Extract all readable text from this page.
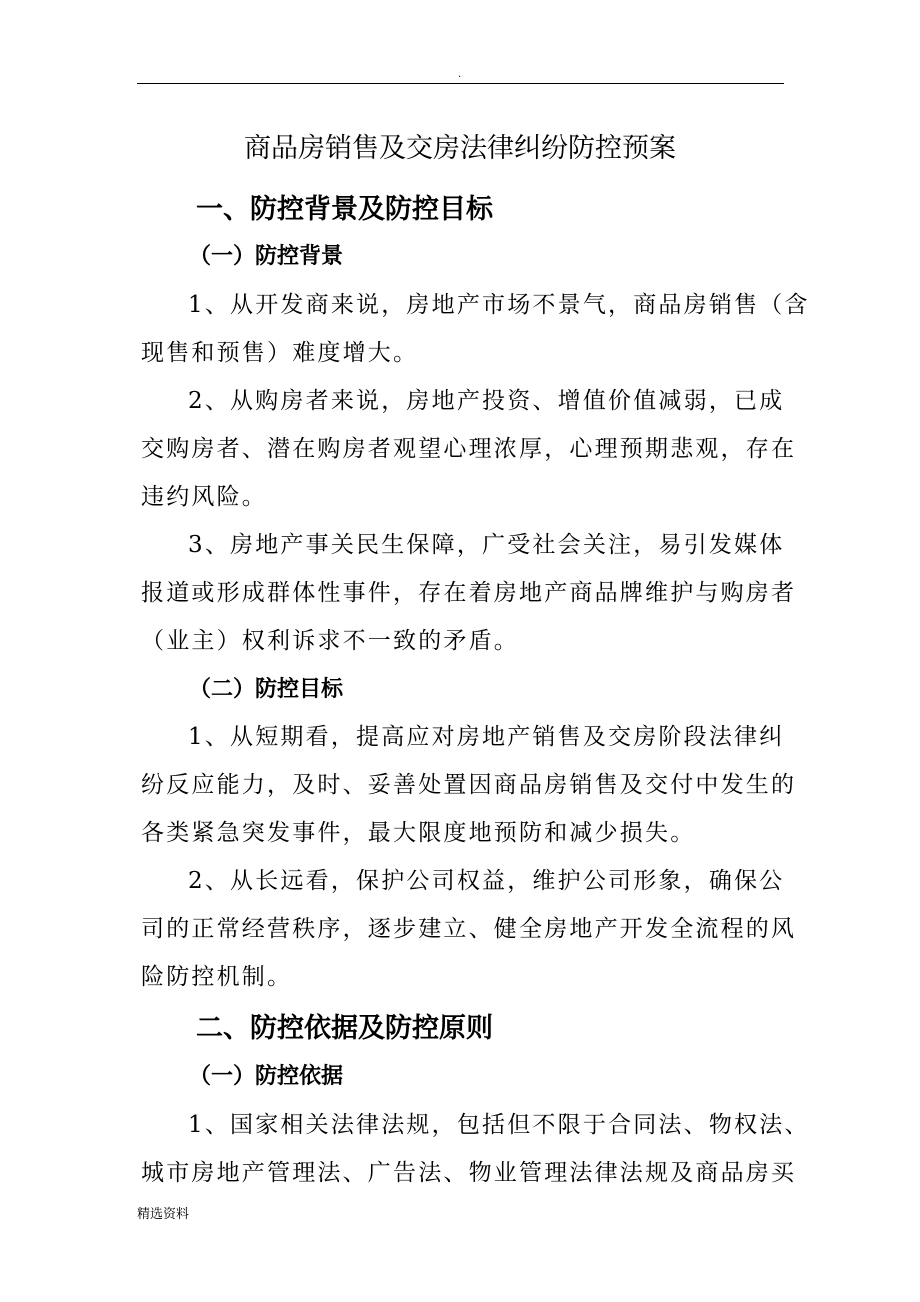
.
商品房销售及交房法律纠纷防控预案
一、防控背景及防控目标
（一）防控背景

1、从开发商来说，房地产市场不景气，商品房销售（含

现售和预售）难度增大。

2、从购房者来说，房地产投资、增值价值减弱，已成

交购房者、潜在购房者观望心理浓厚，心理预期悲观，存在

违约风险。

3、房地产事关民生保障，广受社会关注，易引发媒体

报道或形成群体性事件，存在着房地产商品牌维护与购房者

（业主）权利诉求不一致的矛盾。

（二）防控目标

1、从短期看，提高应对房地产销售及交房阶段法律纠

纷反应能力，及时、妥善处置因商品房销售及交付中发生的

各类紧急突发事件，最大限度地预防和减少损失。

2、从长远看，保护公司权益，维护公司形象，确保公

司的正常经营秩序，逐步建立、健全房地产开发全流程的风

险防控机制。

二、防控依据及防控原则
（一）防控依据

1、国家相关法律法规，包括但不限于合同法、物权法、

城市房地产管理法、广告法、物业管理法律法规及商品房买

精选资料
